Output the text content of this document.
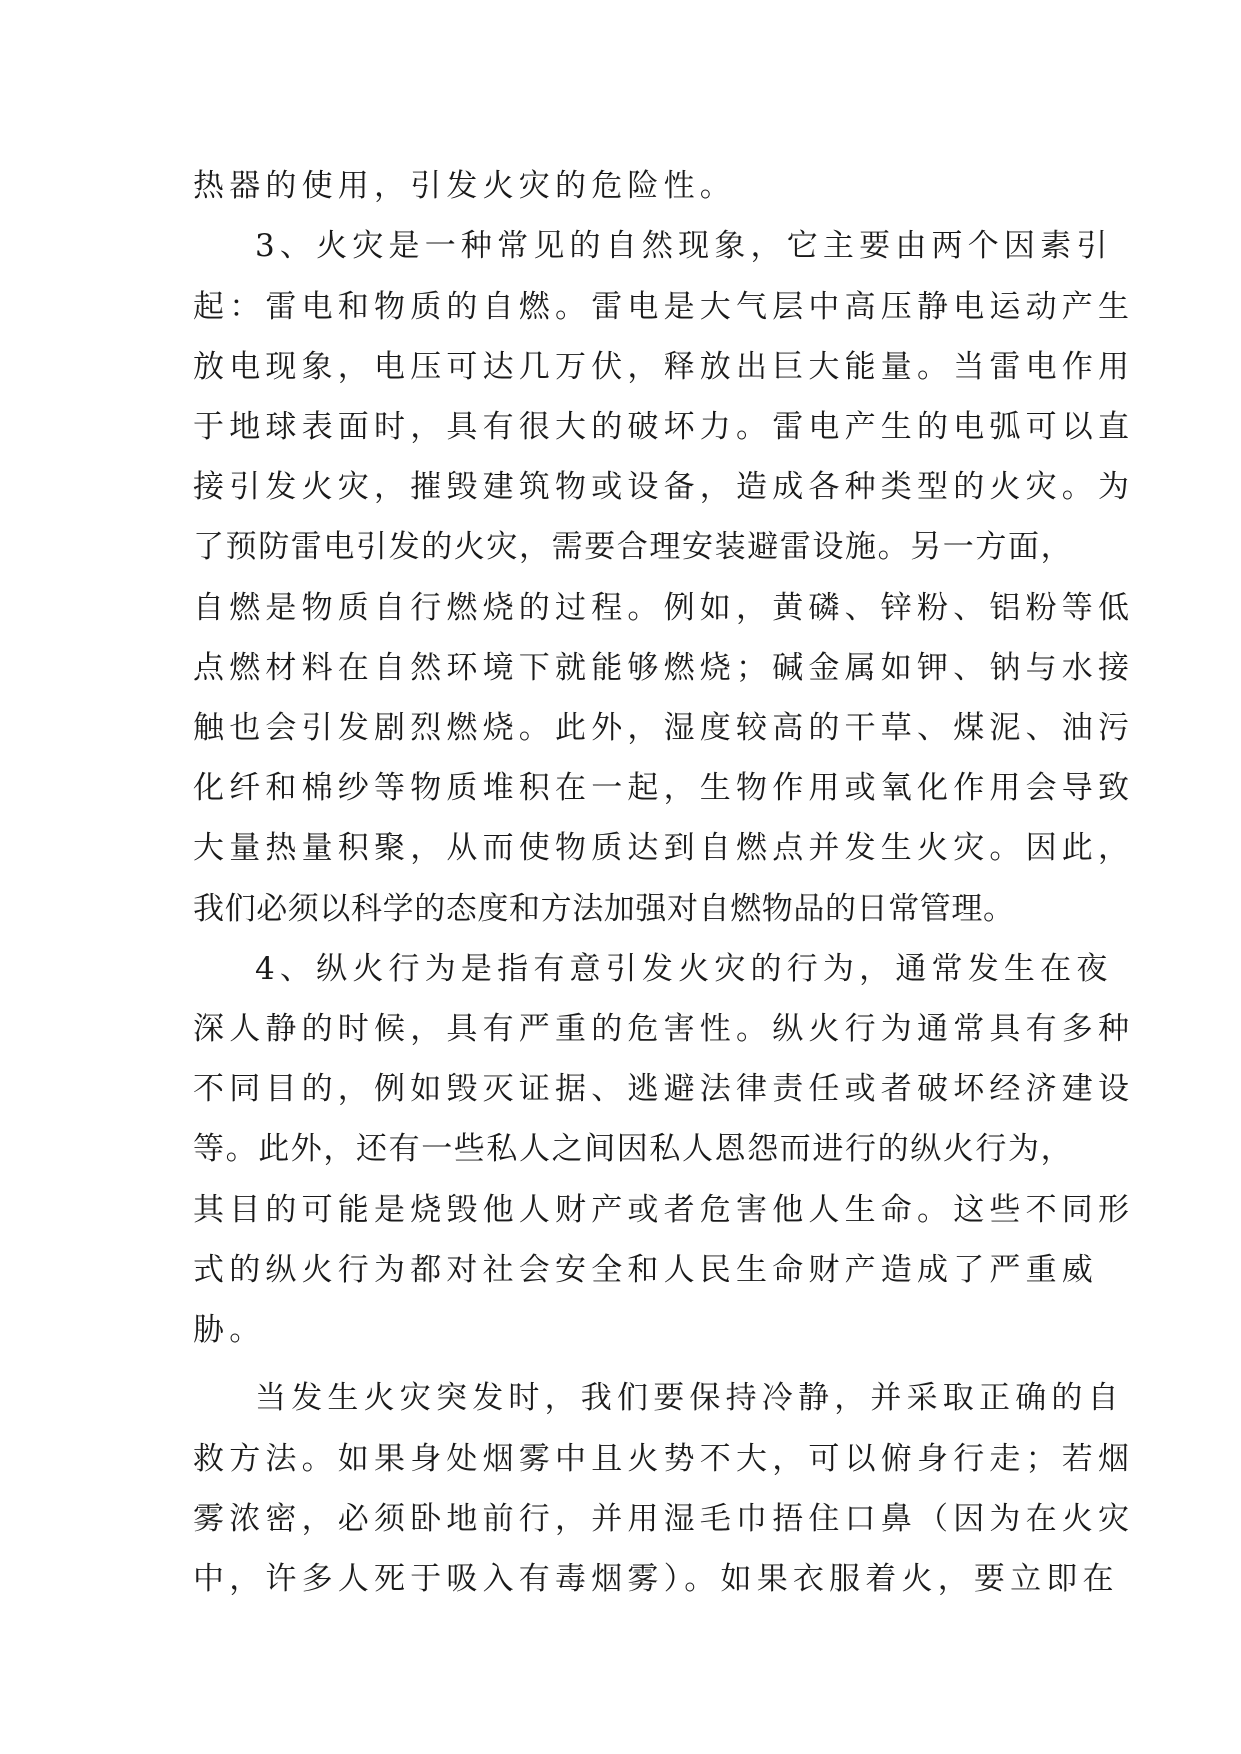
热器的使用，引发火灾的危险性。
3、火灾是一种常见的自然现象，它主要由两个因素引
起：雷电和物质的自燃。雷电是大气层中高压静电运动产生
放电现象，电压可达几万伏，释放出巨大能量。当雷电作用
于地球表面时，具有很大的破坏力。雷电产生的电弧可以直
接引发火灾，摧毁建筑物或设备，造成各种类型的火灾。为
了预防雷电引发的火灾，需要合理安装避雷设施。另一方面，
自燃是物质自行燃烧的过程。例如，黄磷、锌粉、铝粉等低
点燃材料在自然环境下就能够燃烧；碱金属如钾、钠与水接
触也会引发剧烈燃烧。此外，湿度较高的干草、煤泥、油污
化纤和棉纱等物质堆积在一起，生物作用或氧化作用会导致
大量热量积聚，从而使物质达到自燃点并发生火灾。因此，
我们必须以科学的态度和方法加强对自燃物品的日常管理。
4、纵火行为是指有意引发火灾的行为，通常发生在夜
深人静的时候，具有严重的危害性。纵火行为通常具有多种
不同目的，例如毁灭证据、逃避法律责任或者破坏经济建设
等。此外，还有一些私人之间因私人恩怨而进行的纵火行为，
其目的可能是烧毁他人财产或者危害他人生命。这些不同形
式的纵火行为都对社会安全和人民生命财产造成了严重威
胁。
当发生火灾突发时，我们要保持冷静，并采取正确的自
救方法。如果身处烟雾中且火势不大，可以俯身行走；若烟
雾浓密，必须卧地前行，并用湿毛巾捂住口鼻（因为在火灾
中，许多人死于吸入有毒烟雾）。如果衣服着火，要立即在
